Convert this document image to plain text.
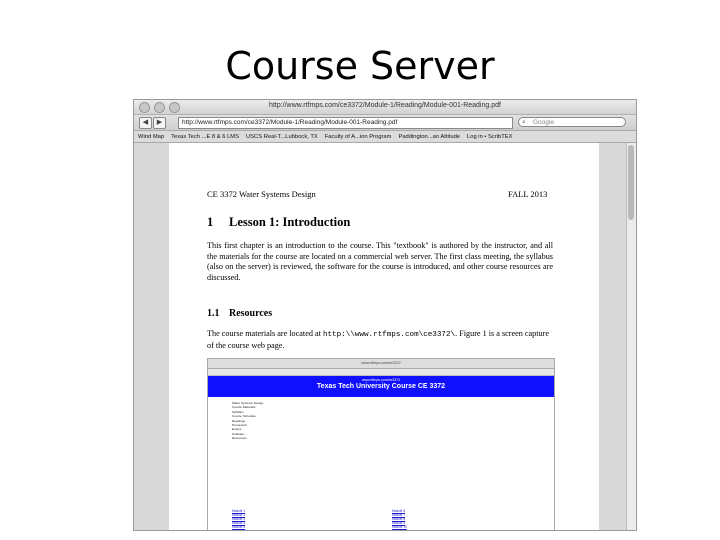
Course Server
http://www.rtfmps.com/ce3372/Module-1/Reading/Module-001-Reading.pdf
◀	▶	http://www.rtfmps.com/ce3372/Module-1/Reading/Module-001-Reading.pdf	⌕ Google
Wind Map Texas Tech ...E 8 & 6 LMS USCS Real-T...Lubbock, TX Faculty of A...ion Program Paddington...an Attitude Log in • ScribTEX
CE 3372 Water Systems Design	FALL 2013
1 Lesson 1: Introduction
This first chapter is an introduction to the course. This "textbook" is authored by the instructor, and all the materials for the course are located on a commercial web server. The first class meeting, the syllabus (also on the server) is reviewed, the software for the course is introduced, and other course resources are discussed.
1.1 Resources
The course materials are located at http:\\www.rtfmps.com\ce3372\. Figure 1 is a screen capture of the course web page.
www.rtfmps.com/ce3372

www.rtfmps.com/ce3372
Texas Tech University Course CE 3372
Water Systems Design
Course Materials
Syllabus
Course Schedule
Readings
Homework
Exams
Software
Resources
Module 1
Module 2
Module 3
Module 4
Module 5
Module 6
Module 7
Module 8
Module 9
Module 10
